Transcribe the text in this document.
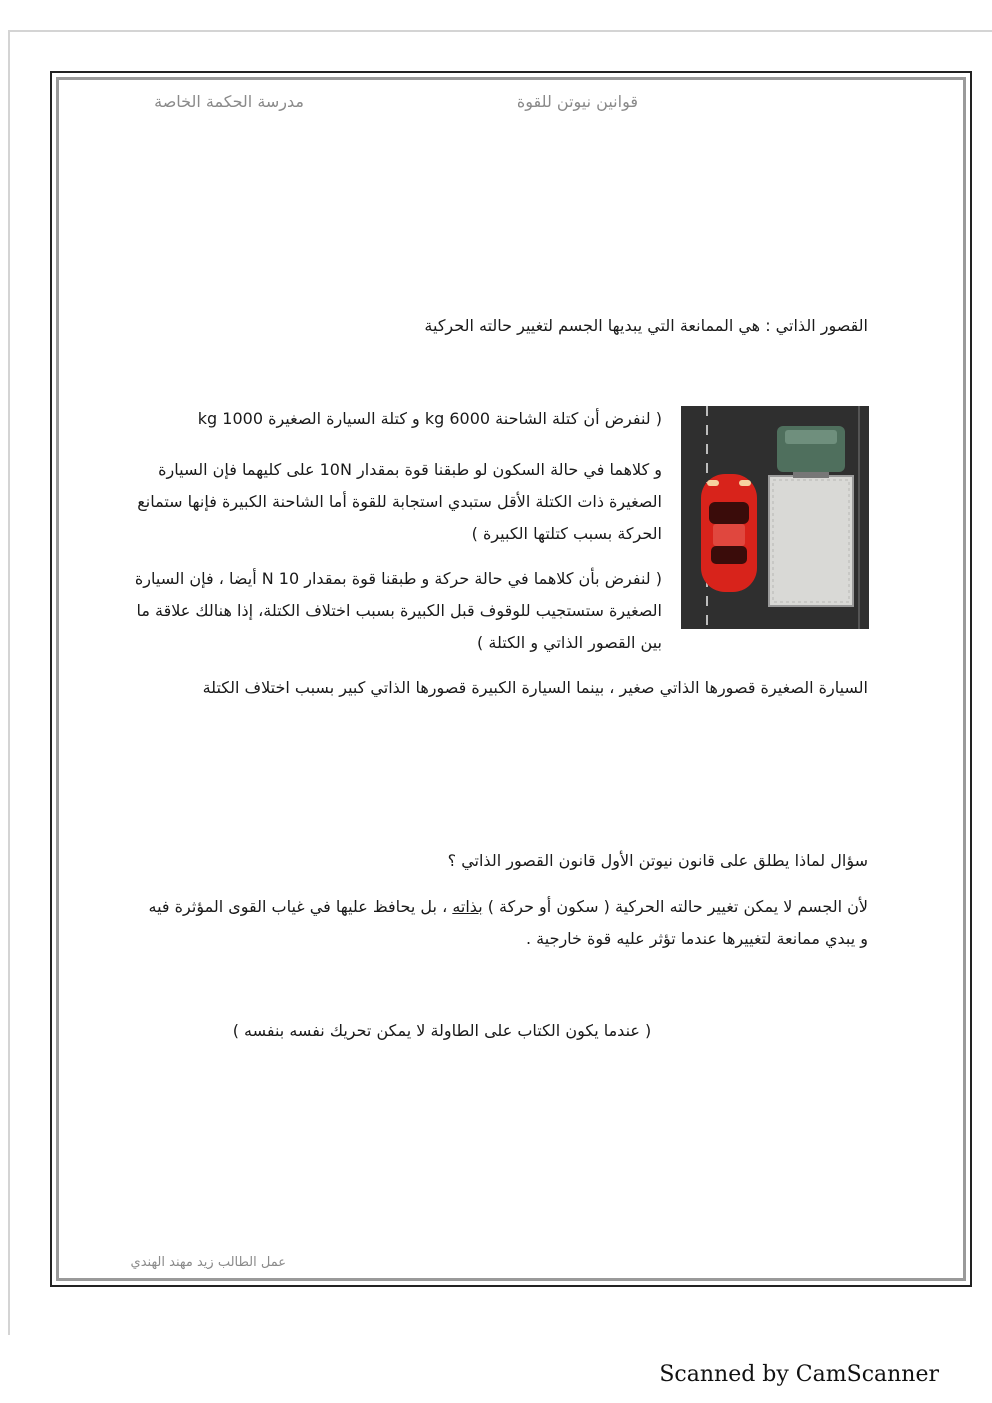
قوانين نيوتن للقوة
مدرسة الحكمة الخاصة
القصور الذاتي : هي الممانعة التي يبديها الجسم لتغيير حالته الحركية
( لنفرض أن كتلة الشاحنة 6000 kg و كتلة السيارة الصغيرة 1000 kg
و كلاهما في حالة السكون لو طبقنا قوة بمقدار 10N على كليهما فإن السيارة الصغيرة ذات الكتلة الأقل ستبدي استجابة للقوة أما الشاحنة الكبيرة فإنها ستمانع الحركة بسبب كتلتها الكبيرة )
( لنفرض بأن كلاهما في حالة حركة و طبقنا قوة بمقدار N 10 أيضا ، فإن السيارة الصغيرة ستستجيب للوقوف قبل الكبيرة بسبب اختلاف الكتلة، إذا هنالك علاقة ما بين القصور الذاتي و الكتلة )
السيارة الصغيرة قصورها الذاتي صغير ، بينما السيارة الكبيرة قصورها الذاتي كبير بسبب اختلاف الكتلة
سؤال لماذا يطلق على قانون نيوتن الأول قانون القصور الذاتي ؟
لأن الجسم لا يمكن تغيير حالته الحركية ( سكون أو حركة ) بذاته ، بل يحافظ عليها في غياب القوى المؤثرة فيه و يبدي ممانعة لتغييرها عندما تؤثر عليه قوة خارجية .
( عندما يكون الكتاب على الطاولة لا يمكن تحريك نفسه بنفسه )
عمل الطالب زيد مهند الهندي
Scanned by CamScanner
